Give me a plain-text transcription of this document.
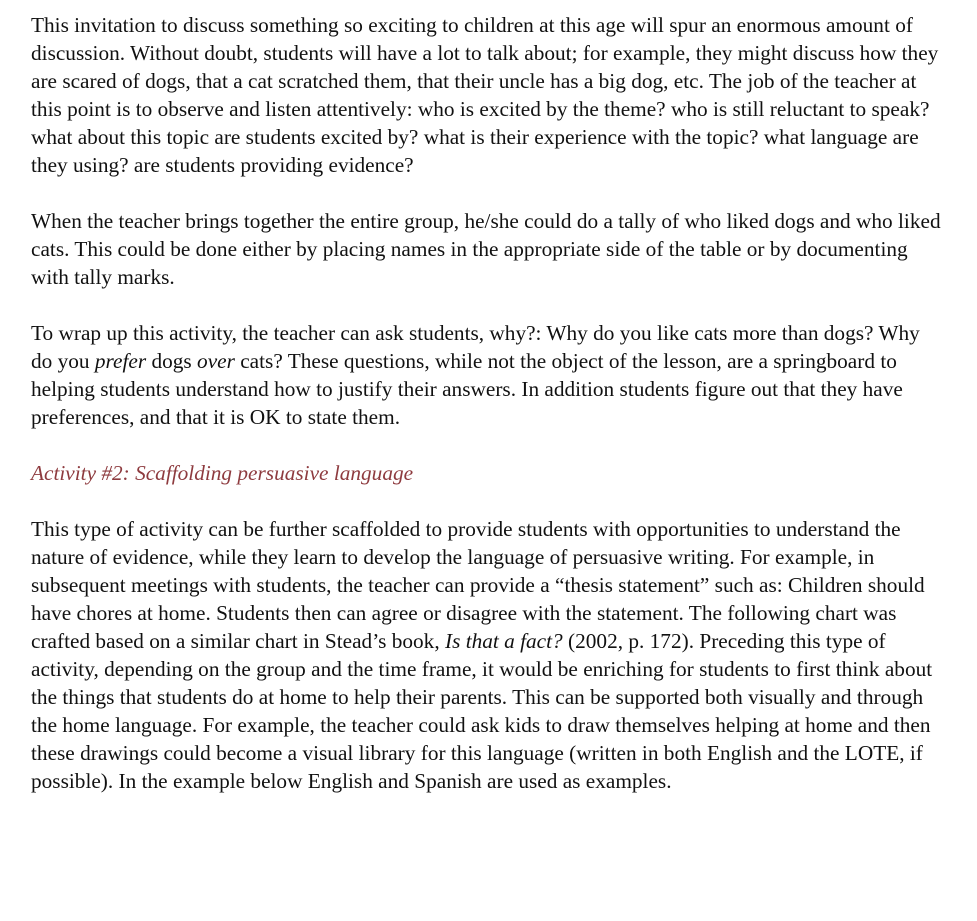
This invitation to discuss something so exciting to children at this age will spur an enormous amount of discussion. Without doubt, students will have a lot to talk about; for example, they might discuss how they are scared of dogs, that a cat scratched them, that their uncle has a big dog, etc. The job of the teacher at this point is to observe and listen attentively: who is excited by the theme? who is still reluctant to speak? what about this topic are students excited by? what is their experience with the topic? what language are they using? are students providing evidence?

When the teacher brings together the entire group, he/she could do a tally of who liked dogs and who liked cats. This could be done either by placing names in the appropriate side of the table or by documenting with tally marks.

To wrap up this activity, the teacher can ask students, why?: Why do you like cats more than dogs? Why do you prefer dogs over cats? These questions, while not the object of the lesson, are a springboard to helping students understand how to justify their answers. In addition students figure out that they have preferences, and that it is OK to state them.

Activity #2: Scaffolding persuasive language

This type of activity can be further scaffolded to provide students with opportunities to understand the nature of evidence, while they learn to develop the language of persuasive writing. For example, in subsequent meetings with students, the teacher can provide a “thesis statement” such as: Children should have chores at home. Students then can agree or disagree with the statement. The following chart was crafted based on a similar chart in Stead’s book, Is that a fact? (2002, p. 172). Preceding this type of activity, depending on the group and the time frame, it would be enriching for students to first think about the things that students do at home to help their parents. This can be supported both visually and through the home language. For example, the teacher could ask kids to draw themselves helping at home and then these drawings could become a visual library for this language (written in both English and the LOTE, if possible). In the example below English and Spanish are used as examples.
